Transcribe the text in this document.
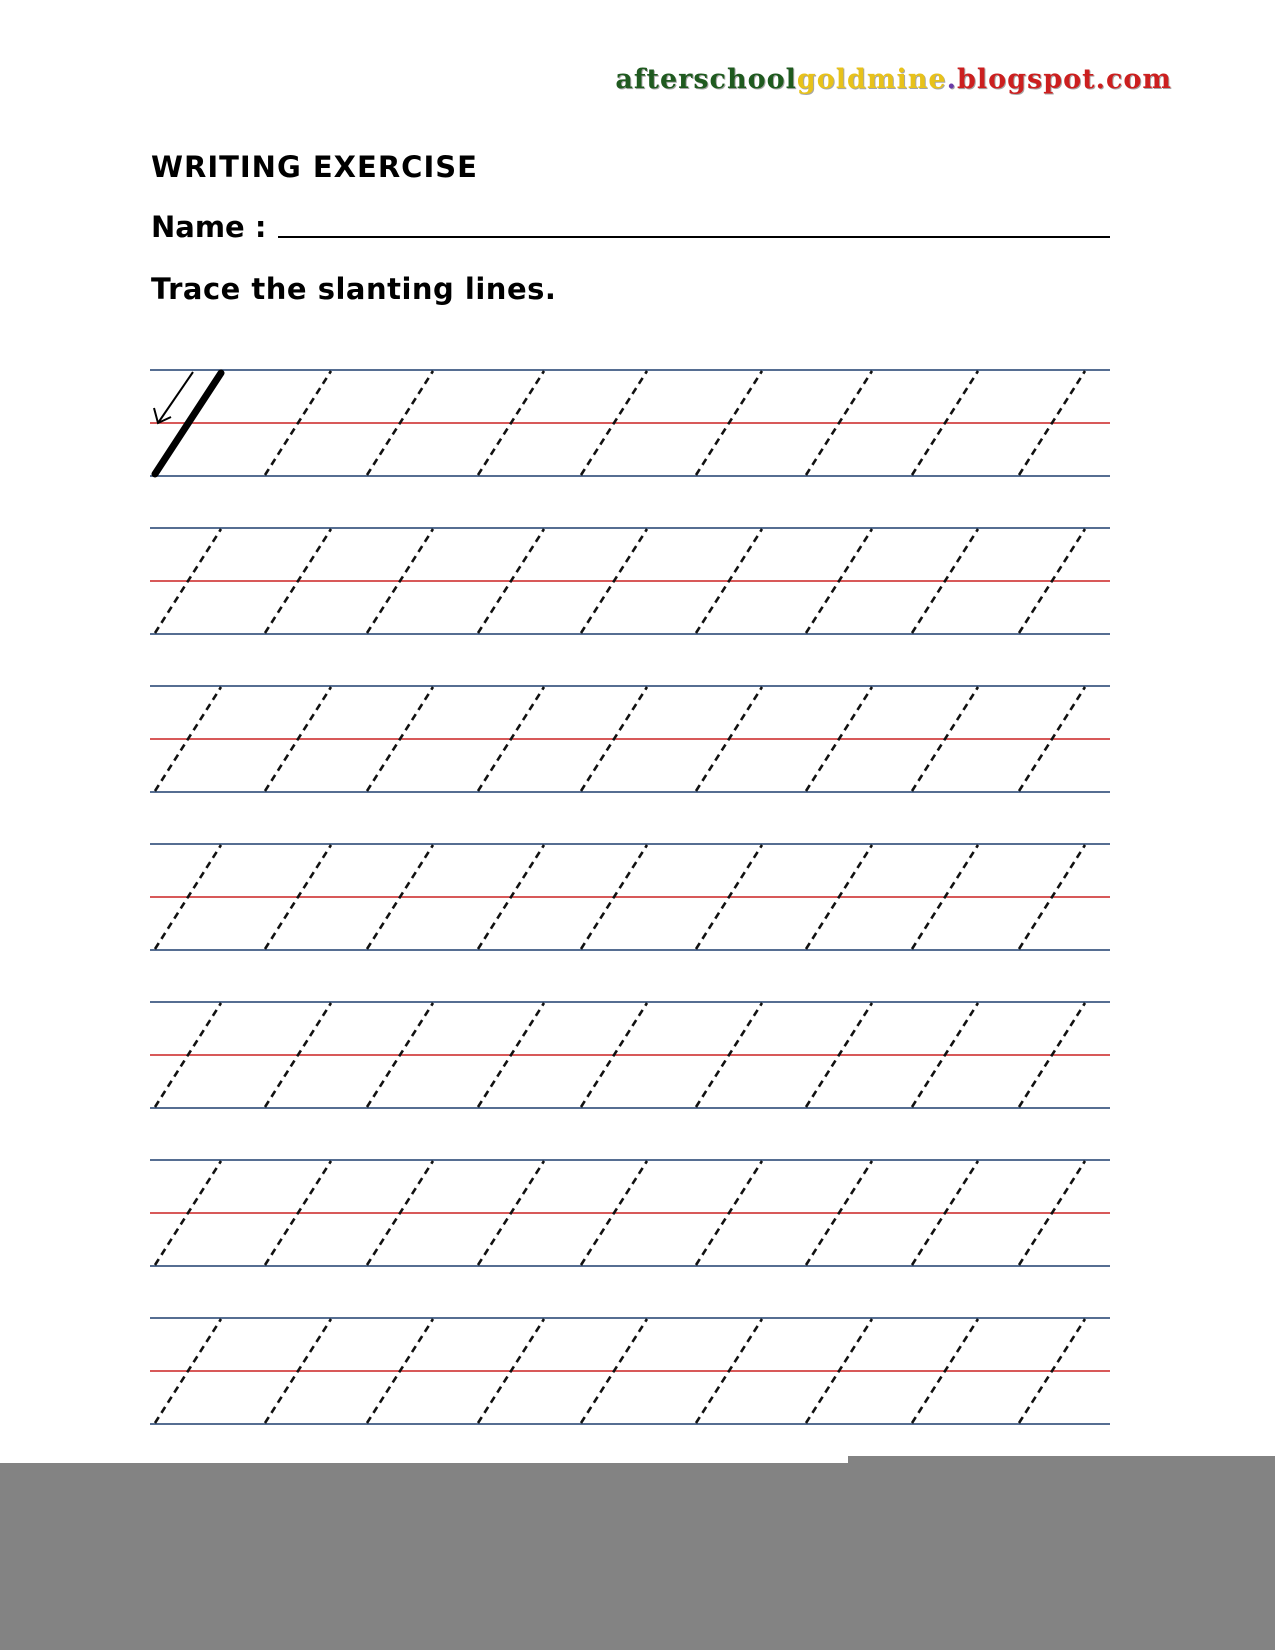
afterschoolgoldmine.blogspot.com
WRITING EXERCISE
Name :

Trace the slanting lines.
